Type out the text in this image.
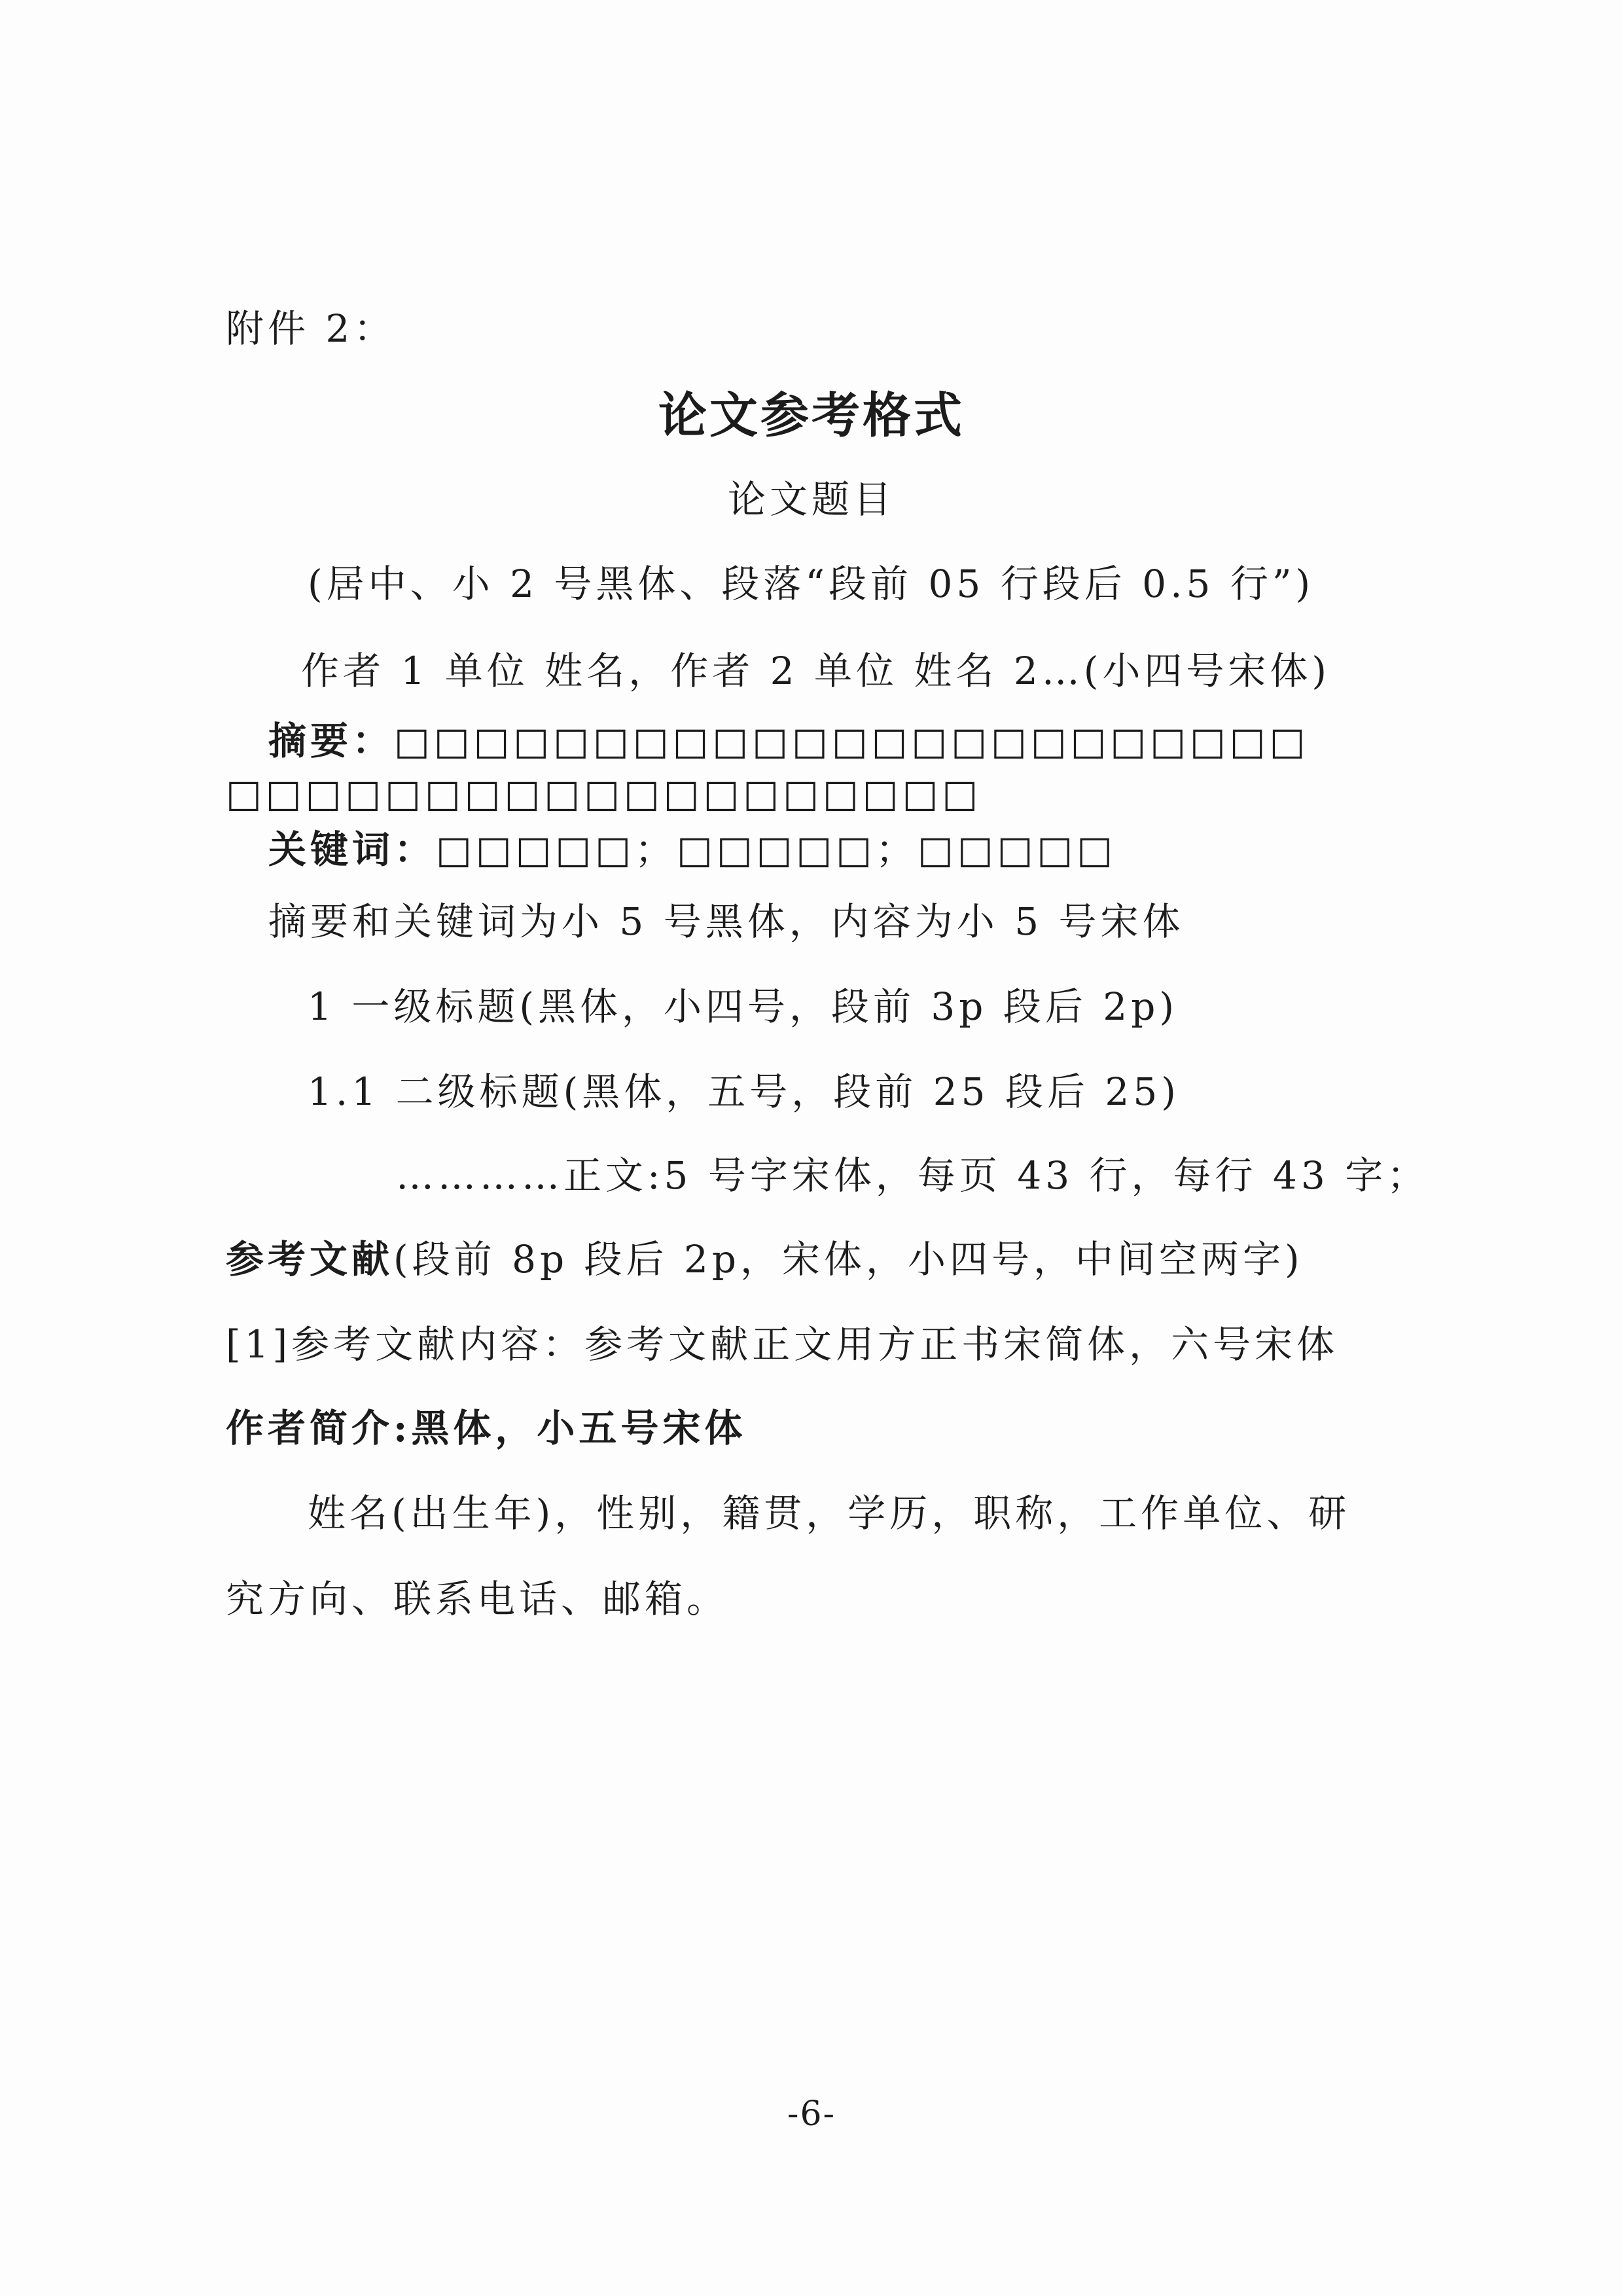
附件 2：
论文参考格式
论文题目
(居中、小 2 号黑体、段落“段前 05 行段后 0.5 行”)
作者 1 单位 姓名，作者 2 单位 姓名 2…(小四号宋体)
摘要：□□□□□□□□□□□□□□□□□□□□□□□
□□□□□□□□□□□□□□□□□□□
关键词：□□□□□；□□□□□；□□□□□
摘要和关键词为小 5 号黑体，内容为小 5 号宋体
1 一级标题(黑体，小四号，段前 3p 段后 2p)
1.1 二级标题(黑体，五号，段前 25 段后 25)
…………正文:5 号字宋体，每页 43 行，每行 43 字；
参考文献(段前 8p 段后 2p，宋体，小四号，中间空两字)
[1]参考文献内容：参考文献正文用方正书宋简体，六号宋体
作者简介:黑体，小五号宋体
姓名(出生年)，性别，籍贯，学历，职称，工作单位、研
究方向、联系电话、邮箱。
-6-
